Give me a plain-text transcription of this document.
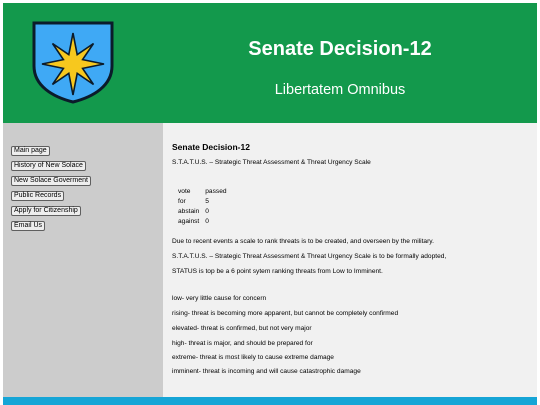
Senate Decision-12
Libertatem Omnibus
Main page
History of New Solace
New Solace Goverment
Public Records
Apply for Citizenship
Email Us

Senate Decision-12

S.T.A.T.U.S. – Strategic Threat Assessment & Threat Urgency Scale

vote	passed
for	5
abstain	0
against	0

Due to recent events a scale to rank threats is to be created, and overseen by the military.

S.T.A.T.U.S. – Strategic Threat Assessment & Threat Urgency Scale is to be formally adopted,

STATUS is top be a 6 point sytem ranking threats from Low to Imminent.

low- very little cause for concern

rising- threat is becoming more apparent, but cannot be completely confirmed

elevated- threat is confirmed, but not very major

high- threat is major, and should be prepared for

extreme- threat is most likely to cause extreme damage

imminent- threat is incoming and will cause catastrophic damage
